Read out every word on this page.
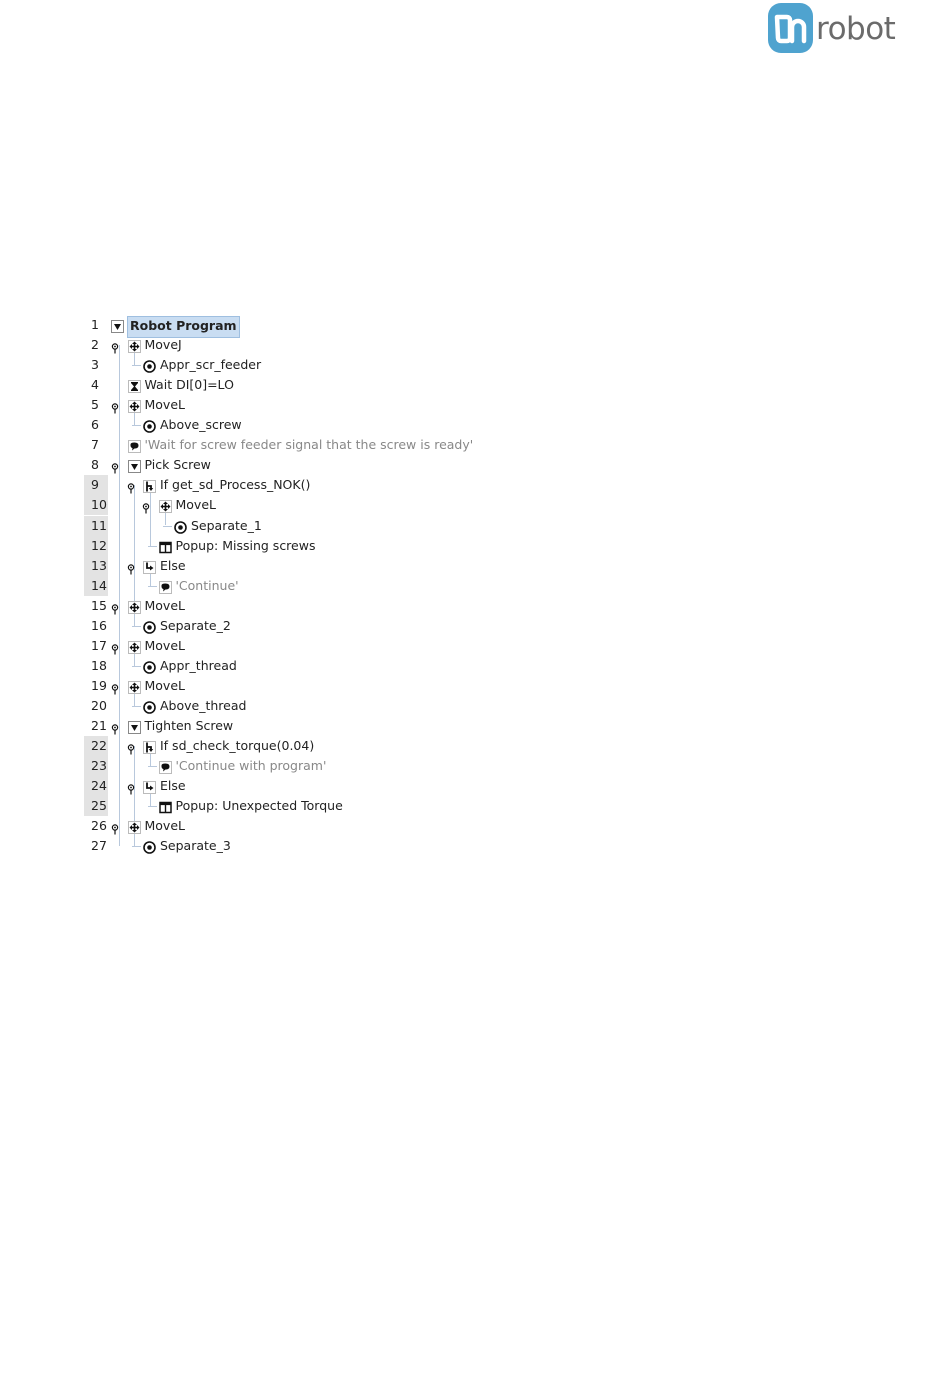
robot
1	Robot Program
2	MoveJ
3	Appr_scr_feeder
4	Wait DI[0]=LO
5	MoveL
6	Above_screw
7	'Wait for screw feeder signal that the screw is ready'
8	Pick Screw
9	If get_sd_Process_NOK()
10	MoveL
11	Separate_1
12	Popup: Missing screws
13	Else
14	'Continue'
15	MoveL
16	Separate_2
17	MoveL
18	Appr_thread
19	MoveL
20	Above_thread
21	Tighten Screw
22	If sd_check_torque(0.04)
23	'Continue with program'
24	Else
25	Popup: Unexpected Torque
26	MoveL
27	Separate_3
